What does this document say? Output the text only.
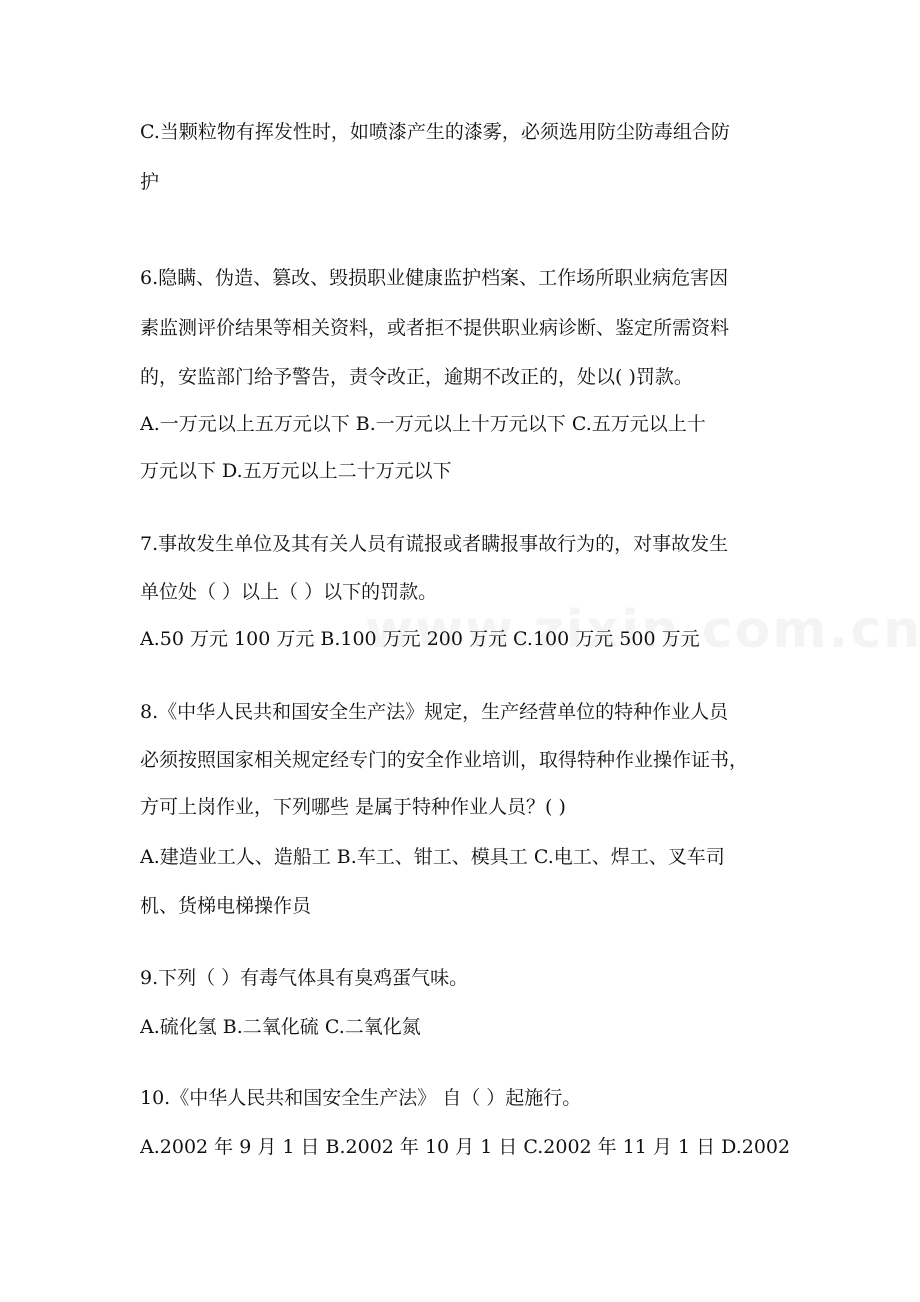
C.当颗粒物有挥发性时，如喷漆产生的漆雾，必须选用防尘防毒组合防
护
6.隐瞒、伪造、篡改、毁损职业健康监护档案、工作场所职业病危害因
素监测评价结果等相关资料，或者拒不提供职业病诊断、鉴定所需资料
的，安监部门给予警告，责令改正，逾期不改正的，处以( )罚款。
A.一万元以上五万元以下 B.一万元以上十万元以下 C.五万元以上十
万元以下 D.五万元以上二十万元以下
7.事故发生单位及其有关人员有谎报或者瞒报事故行为的，对事故发生
单位处（ ）以上（ ）以下的罚款。
A.50 万元 100 万元 B.100 万元 200 万元 C.100 万元 500 万元
8.《中华人民共和国安全生产法》规定，生产经营单位的特种作业人员
必须按照国家相关规定经专门的安全作业培训，取得特种作业操作证书，
方可上岗作业，下列哪些 是属于特种作业人员？( )
A.建造业工人、造船工 B.车工、钳工、模具工 C.电工、焊工、叉车司
机、货梯电梯操作员
9.下列（ ）有毒气体具有臭鸡蛋气味。
A.硫化氢 B.二氧化硫 C.二氧化氮
10.《中华人民共和国安全生产法》 自（ ）起施行。
A.2002 年 9 月 1 日 B.2002 年 10 月 1 日 C.2002 年 11 月 1 日 D.2002
